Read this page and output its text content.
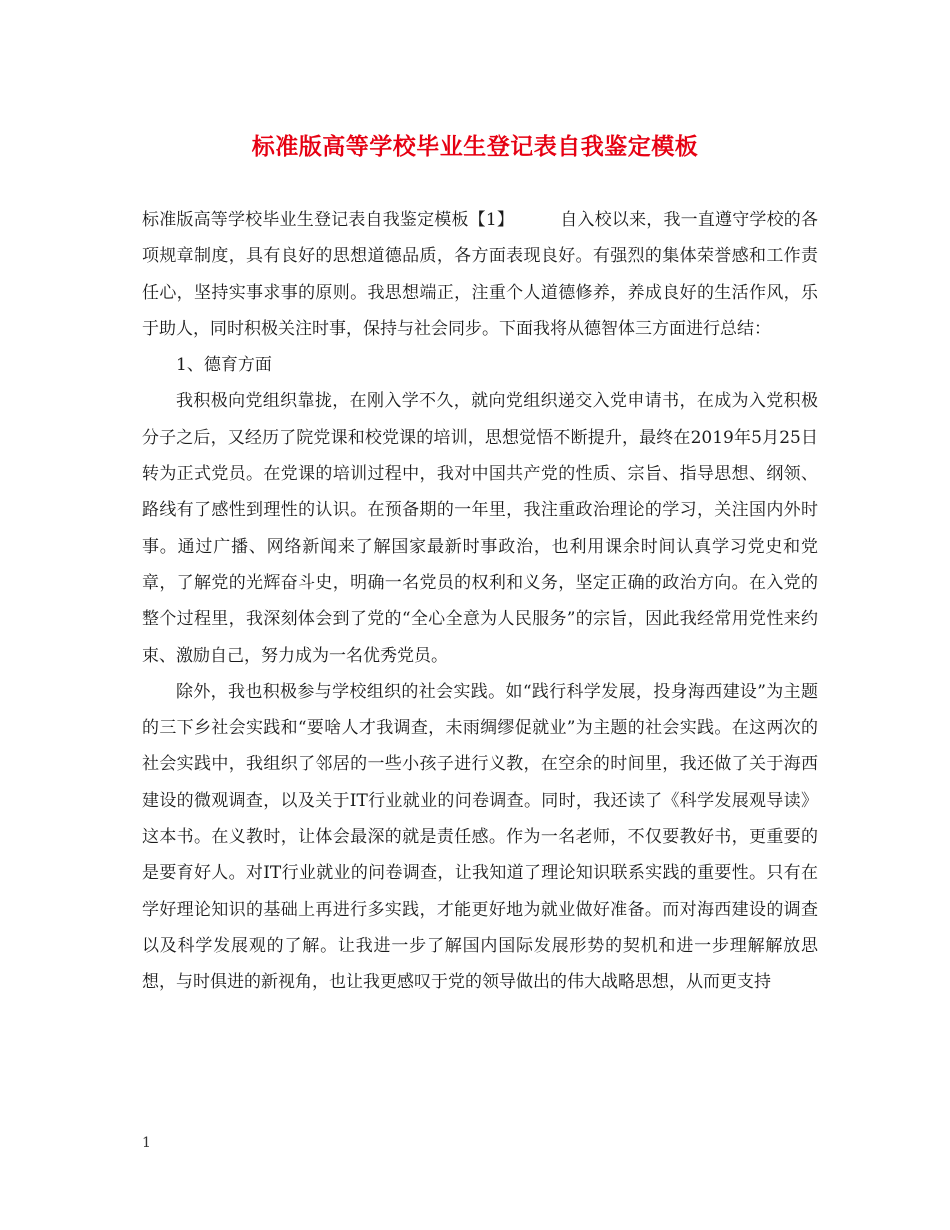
标准版高等学校毕业生登记表自我鉴定模板

标准版高等学校毕业生登记表自我鉴定模板【1】	自入校以来，我一直遵守学校的各项规章制度，具有良好的思想道德品质，各方面表现良好。有强烈的集体荣誉感和工作责任心，坚持实事求事的原则。我思想端正，注重个人道德修养，养成良好的生活作风，乐于助人，同时积极关注时事，保持与社会同步。下面我将从德智体三方面进行总结：

1、德育方面

我积极向党组织靠拢，在刚入学不久，就向党组织递交入党申请书，在成为入党积极分子之后，又经历了院党课和校党课的培训，思想觉悟不断提升，最终在2019年5月25日转为正式党员。在党课的培训过程中，我对中国共产党的性质、宗旨、指导思想、纲领、路线有了感性到理性的认识。在预备期的一年里，我注重政治理论的学习，关注国内外时事。通过广播、网络新闻来了解国家最新时事政治，也利用课余时间认真学习党史和党章，了解党的光辉奋斗史，明确一名党员的权利和义务，坚定正确的政治方向。在入党的整个过程里，我深刻体会到了党的“全心全意为人民服务”的宗旨，因此我经常用党性来约束、激励自己，努力成为一名优秀党员。

除外，我也积极参与学校组织的社会实践。如“践行科学发展，投身海西建设”为主题的三下乡社会实践和“要啥人才我调查，未雨绸缪促就业”为主题的社会实践。在这两次的社会实践中，我组织了邻居的一些小孩子进行义教，在空余的时间里，我还做了关于海西建设的微观调查，以及关于IT行业就业的问卷调查。同时，我还读了《科学发展观导读》这本书。在义教时，让体会最深的就是责任感。作为一名老师，不仅要教好书，更重要的是要育好人。对IT行业就业的问卷调查，让我知道了理论知识联系实践的重要性。只有在学好理论知识的基础上再进行多实践，才能更好地为就业做好准备。而对海西建设的调查以及科学发展观的了解。让我进一步了解国内国际发展形势的契机和进一步理解解放思想，与时俱进的新视角，也让我更感叹于党的领导做出的伟大战略思想，从而更支持

1
